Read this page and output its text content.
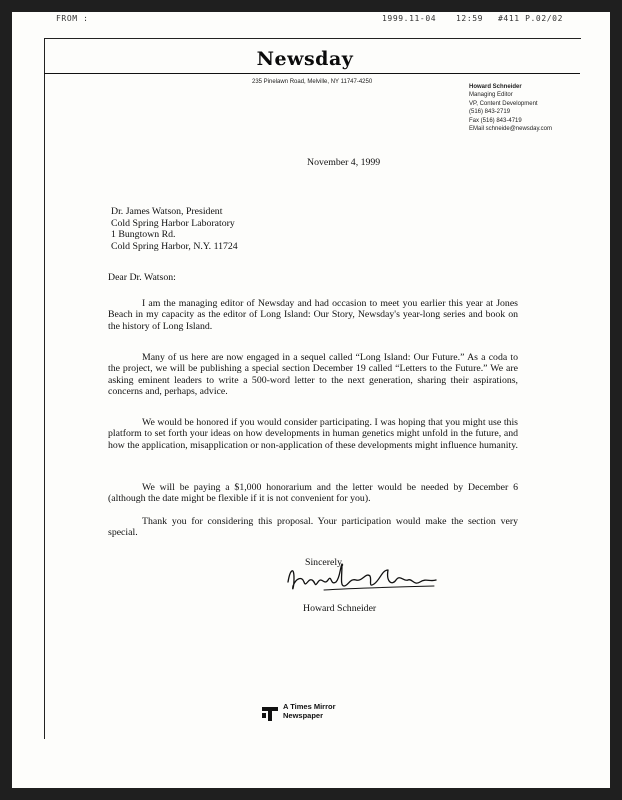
FROM :	1999.11-04 12:59 #411 P.02/02
Newsday
235 Pinelawn Road, Melville, NY 11747-4250
Howard Schneider
Managing Editor
VP, Content Development
(516) 843-2719
Fax (516) 843-4719
EMail schneide@newsday.com
November 4, 1999
Dr. James Watson, President
Cold Spring Harbor Laboratory
1 Bungtown Rd.
Cold Spring Harbor, N.Y. 11724
Dear Dr. Watson:
I am the managing editor of Newsday and had occasion to meet you earlier this year at Jones Beach in my capacity as the editor of Long Island: Our Story, Newsday's year-long series and book on the history of Long Island.
Many of us here are now engaged in a sequel called “Long Island: Our Future.” As a coda to the project, we will be publishing a special section December 19 called “Letters to the Future.” We are asking eminent leaders to write a 500-word letter to the next generation, sharing their aspirations, concerns and, perhaps, advice.
We would be honored if you would consider participating. I was hoping that you might use this platform to set forth your ideas on how developments in human genetics might unfold in the future, and how the application, misapplication or non-application of these developments might influence humanity.
We will be paying a $1,000 honorarium and the letter would be needed by December 6 (although the date might be flexible if it is not convenient for you).
Thank you for considering this proposal. Your participation would make the section very special.
Sincerely,
Howard Schneider
A Times Mirror
Newspaper
